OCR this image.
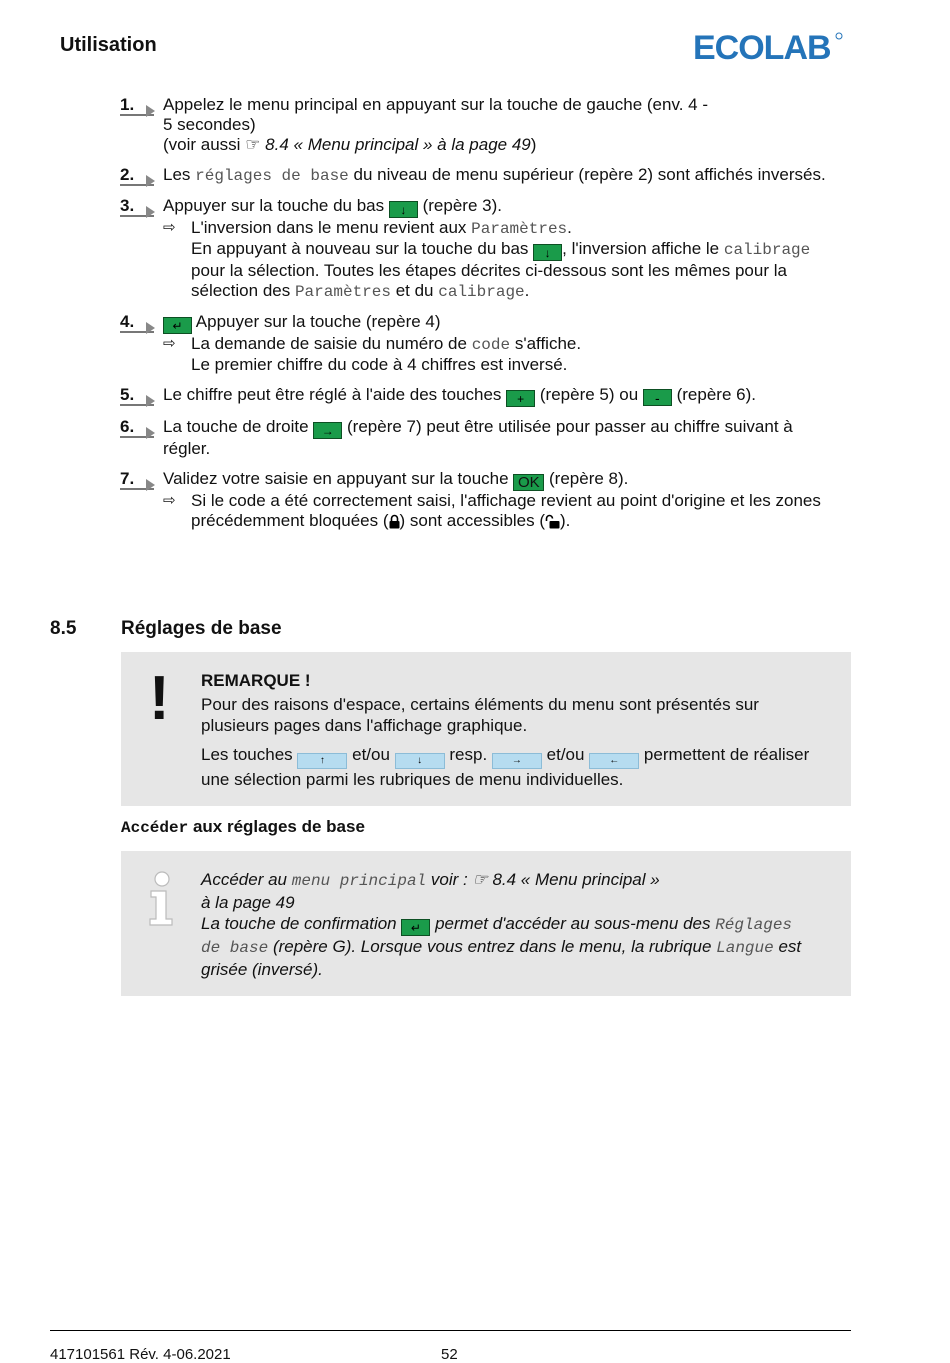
Utilisation	ECOLAB
1.	Appelez le menu principal en appuyant sur la touche de gauche (env. 4 -
5 secondes)
(voir aussi ☞ 8.4 « Menu principal » à la page 49)
2.	Les réglages de base du niveau de menu supérieur (repère 2) sont affichés inversés.
3.	Appuyer sur la touche du bas ↓ (repère 3).
⇨ L'inversion dans le menu revient aux Paramètres.
En appuyant à nouveau sur la touche du bas ↓ , l'inversion affiche le calibrage pour la sélection. Toutes les étapes décrites ci-dessous sont les mêmes pour la sélection des Paramètres et du calibrage.
4.	↵ Appuyer sur la touche (repère 4)
⇨ La demande de saisie du numéro de code s'affiche.
Le premier chiffre du code à 4 chiffres est inversé.
5.	Le chiffre peut être réglé à l'aide des touches + (repère 5) ou - (repère 6).
6.	La touche de droite → (repère 7) peut être utilisée pour passer au chiffre suivant à régler.
7.	Validez votre saisie en appuyant sur la touche OK (repère 8).
⇨ Si le code a été correctement saisi, l'affichage revient au point d'origine et les zones précédemment bloquées ( ) sont accessibles ( ).
8.5 Réglages de base
! REMARQUE !
Pour des raisons d'espace, certains éléments du menu sont présentés sur plusieurs pages dans l'affichage graphique.
Les touches ↑ et/ou ↓ resp. → et/ou ← permettent de réaliser une sélection parmi les rubriques de menu individuelles.
Accéder aux réglages de base
Accéder au menu principal voir : ☞ 8.4 « Menu principal »
à la page 49
La touche de confirmation ↵ permet d'accéder au sous-menu des Réglages de base (repère G). Lorsque vous entrez dans le menu, la rubrique Langue est grisée (inversé).
417101561 Rév. 4-06.2021	52
